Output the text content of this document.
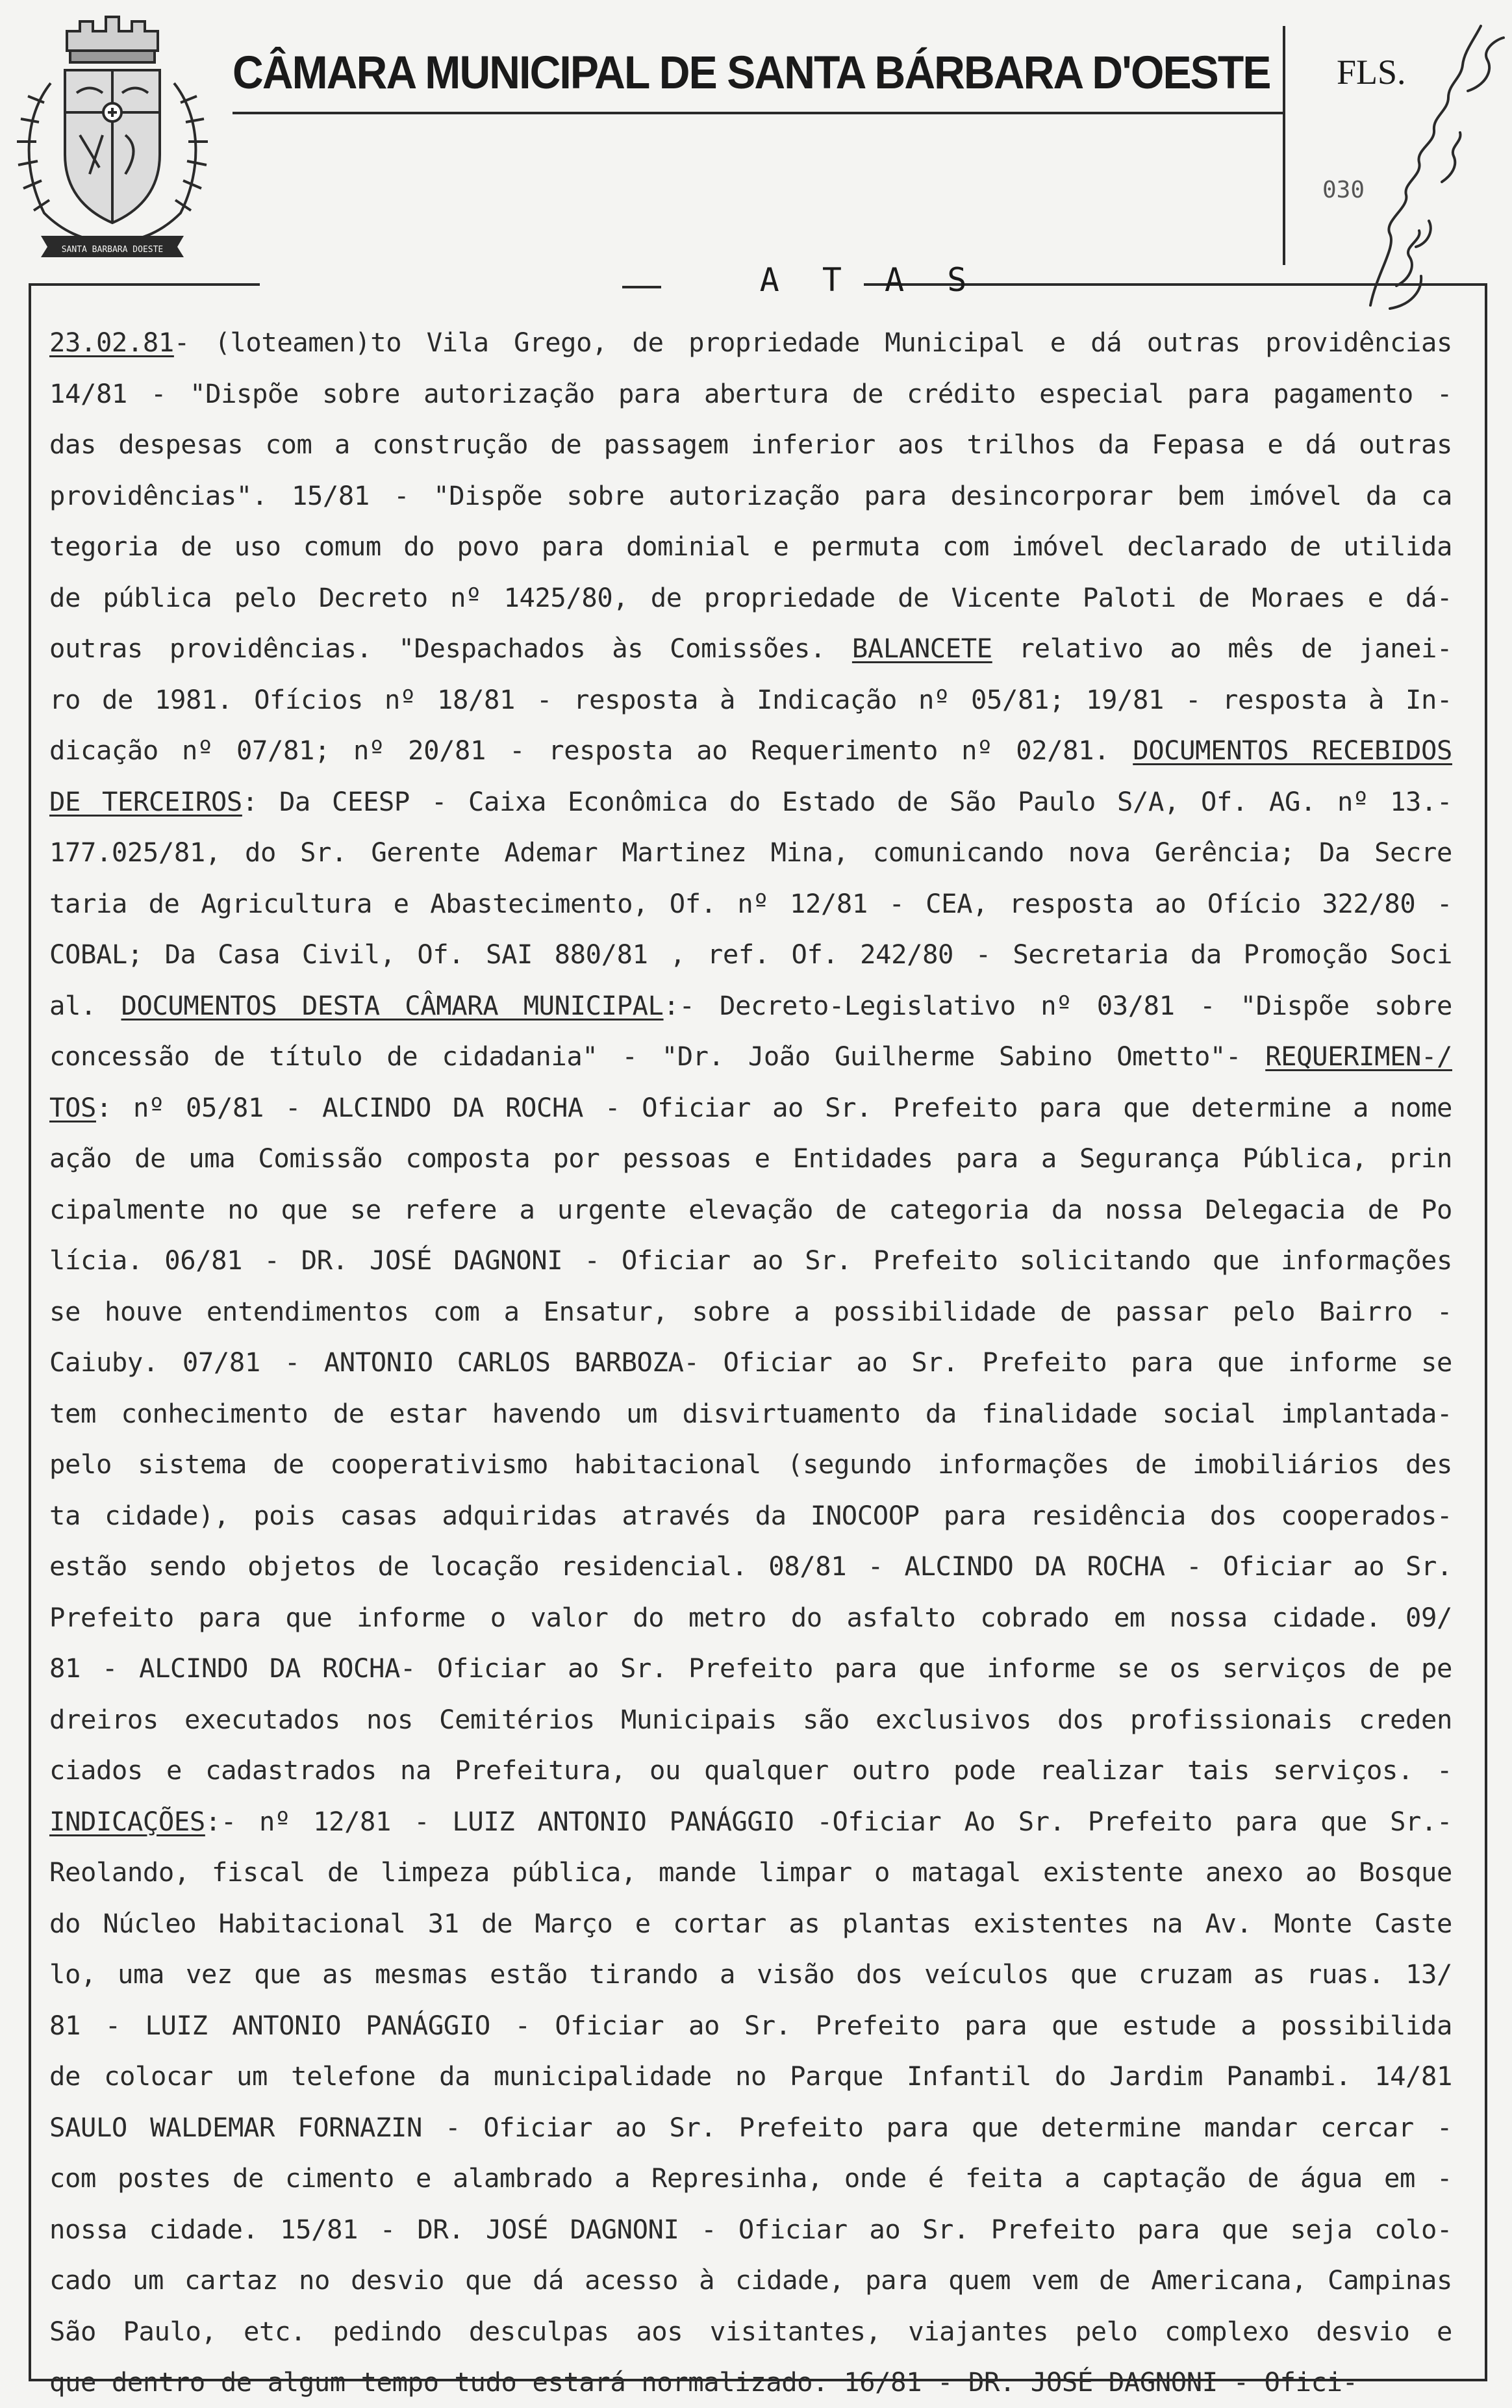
SANTA BARBARA DOESTE
CÂMARA MUNICIPAL DE SANTA BÁRBARA D'OESTE FLS.
030
A T A S
23.02.81- (loteamen)to Vila Grego, de propriedade Municipal e dá outras providências
14/81 - "Dispõe sobre autorização para abertura de crédito especial para pagamento -
das despesas com a construção de passagem inferior aos trilhos da Fepasa e dá outras
providências". 15/81 - "Dispõe sobre autorização para desincorporar bem imóvel da ca
tegoria de uso comum do povo para dominial e permuta com imóvel declarado de utilida
de pública pelo Decreto nº 1425/80, de propriedade de Vicente Paloti de Moraes e dá-
outras providências. "Despachados às Comissões. BALANCETE relativo ao mês de janei-
ro de 1981. Ofícios nº 18/81 - resposta à Indicação nº 05/81; 19/81 - resposta à In-
dicação nº 07/81; nº 20/81 - resposta ao Requerimento nº 02/81. DOCUMENTOS RECEBIDOS
DE TERCEIROS: Da CEESP - Caixa Econômica do Estado de São Paulo S/A, Of. AG. nº 13.-
177.025/81, do Sr. Gerente Ademar Martinez Mina, comunicando nova Gerência; Da Secre
taria de Agricultura e Abastecimento, Of. nº 12/81 - CEA, resposta ao Ofício 322/80 -
COBAL; Da Casa Civil, Of. SAI 880/81 , ref. Of. 242/80 - Secretaria da Promoção Soci
al. DOCUMENTOS DESTA CÂMARA MUNICIPAL:- Decreto-Legislativo nº 03/81 - "Dispõe sobre
concessão de título de cidadania" - "Dr. João Guilherme Sabino Ometto"- REQUERIMEN-/
TOS: nº 05/81 - ALCINDO DA ROCHA - Oficiar ao Sr. Prefeito para que determine a nome
ação de uma Comissão composta por pessoas e Entidades para a Segurança Pública, prin
cipalmente no que se refere a urgente elevação de categoria da nossa Delegacia de Po
lícia. 06/81 - DR. JOSÉ DAGNONI - Oficiar ao Sr. Prefeito solicitando que informações
se houve entendimentos com a Ensatur, sobre a possibilidade de passar pelo Bairro -
Caiuby. 07/81 - ANTONIO CARLOS BARBOZA- Oficiar ao Sr. Prefeito para que informe se
tem conhecimento de estar havendo um disvirtuamento da finalidade social implantada-
pelo sistema de cooperativismo habitacional (segundo informações de imobiliários des
ta cidade), pois casas adquiridas através da INOCOOP para residência dos cooperados-
estão sendo objetos de locação residencial. 08/81 - ALCINDO DA ROCHA - Oficiar ao Sr.
Prefeito para que informe o valor do metro do asfalto cobrado em nossa cidade. 09/
81 - ALCINDO DA ROCHA- Oficiar ao Sr. Prefeito para que informe se os serviços de pe
dreiros executados nos Cemitérios Municipais são exclusivos dos profissionais creden
ciados e cadastrados na Prefeitura, ou qualquer outro pode realizar tais serviços. -
INDICAÇÕES:- nº 12/81 - LUIZ ANTONIO PANÁGGIO -Oficiar Ao Sr. Prefeito para que Sr.-
Reolando, fiscal de limpeza pública, mande limpar o matagal existente anexo ao Bosque
do Núcleo Habitacional 31 de Março e cortar as plantas existentes na Av. Monte Caste
lo, uma vez que as mesmas estão tirando a visão dos veículos que cruzam as ruas. 13/
81 - LUIZ ANTONIO PANÁGGIO - Oficiar ao Sr. Prefeito para que estude a possibilida
de colocar um telefone da municipalidade no Parque Infantil do Jardim Panambi. 14/81
SAULO WALDEMAR FORNAZIN - Oficiar ao Sr. Prefeito para que determine mandar cercar -
com postes de cimento e alambrado a Represinha, onde é feita a captação de água em -
nossa cidade. 15/81 - DR. JOSÉ DAGNONI - Oficiar ao Sr. Prefeito para que seja colo-
cado um cartaz no desvio que dá acesso à cidade, para quem vem de Americana, Campinas
São Paulo, etc. pedindo desculpas aos visitantes, viajantes pelo complexo desvio e
que dentro de algum tempo tudo estará normalizado. 16/81 - DR. JOSÉ DAGNONI - Ofici-
